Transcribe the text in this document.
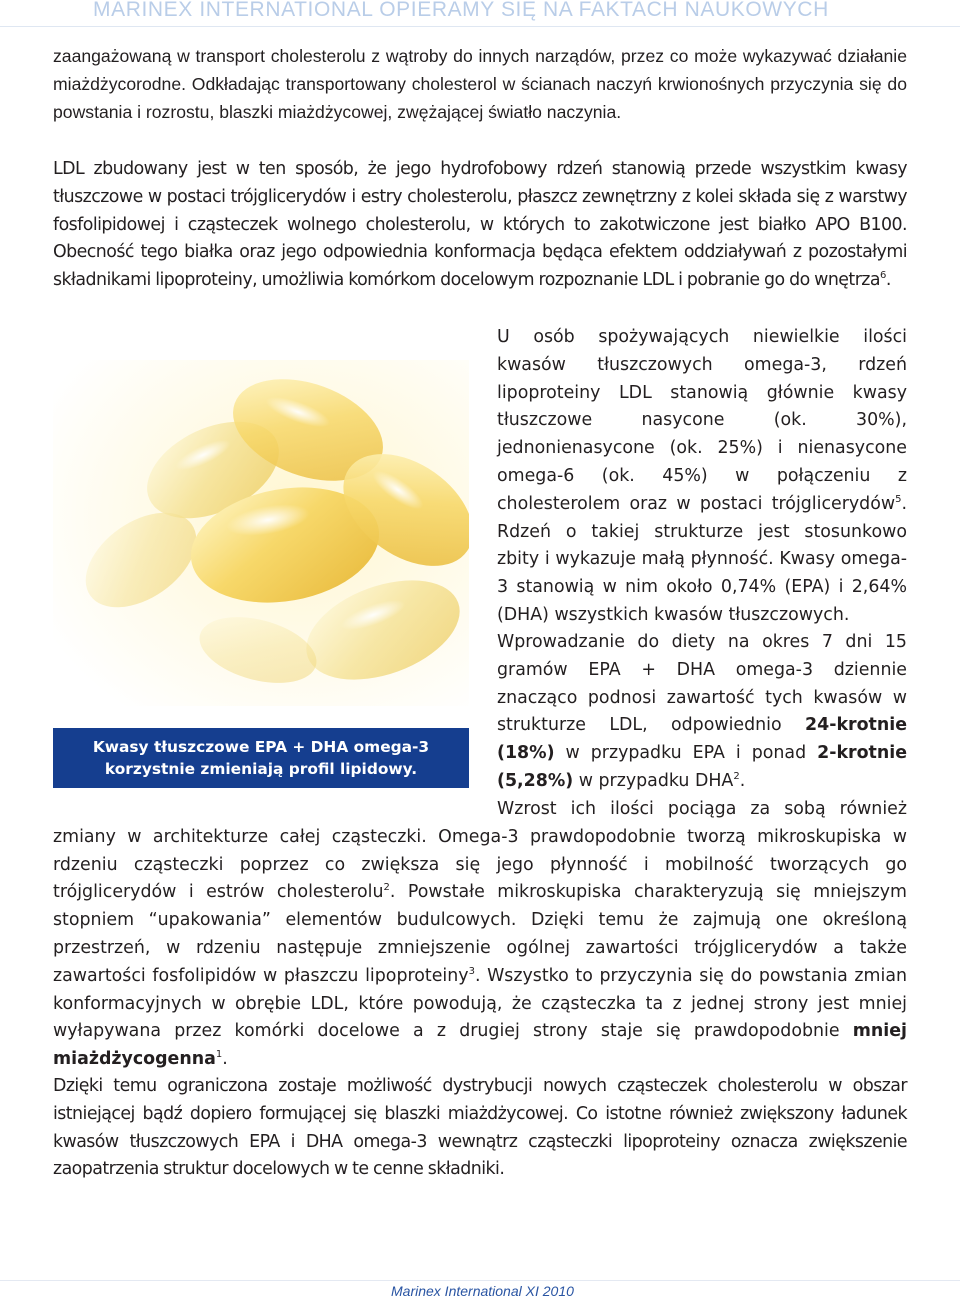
MARINEX INTERNATIONAL OPIERAMY SIĘ NA FAKTACH NAUKOWYCH

zaangażowaną w transport cholesterolu z wątroby do innych narządów, przez co może wykazywać działanie miażdżycorodne. Odkładając transportowany cholesterol w ścianach naczyń krwionośnych przyczynia się do powstania i rozrostu, blaszki miażdżycowej, zwężającej światło naczynia.

LDL zbudowany jest w ten sposób, że jego hydrofobowy rdzeń stanowią przede wszystkim kwasy tłuszczowe w postaci trójglicerydów i estry cholesterolu, płaszcz zewnętrzny z kolei składa się z warstwy fosfolipidowej i cząsteczek wolnego cholesterolu, w których to zakotwiczone jest białko APO B100. Obecność tego białka oraz jego odpowiednia konformacja będąca efektem oddziaływań z pozostałymi składnikami lipoproteiny, umożliwia komórkom docelowym rozpoznanie LDL i pobranie go do wnętrza$^6$.

Kwasy tłuszczowe EPA + DHA omega-3 korzystnie zmieniają profil lipidowy.

U osób spożywających niewielkie ilości kwasów tłuszczowych omega-3, rdzeń lipoproteiny LDL stanowią głównie kwasy tłuszczowe nasycone (ok. 30%), jednonienasycone (ok. 25%) i nienasycone omega-6 (ok. 45%) w połączeniu z cholesterolem oraz w postaci trójglicerydów$^5$. Rdzeń o takiej strukturze jest stosunkowo zbity i wykazuje małą płynność. Kwasy omega-3 stanowią w nim około 0,74% (EPA) i 2,64% (DHA) wszystkich kwasów tłuszczowych.

Wprowadzanie do diety na okres 7 dni 15 gramów EPA + DHA omega-3 dziennie znacząco podnosi zawartość tych kwasów w strukturze LDL, odpowiednio 24-krotnie (18%) w przypadku EPA i ponad 2-krotnie (5,28%) w przypadku DHA$^2$.

Wzrost ich ilości pociąga za sobą również zmiany w architekturze całej cząsteczki. Omega-3 prawdopodobnie tworzą mikroskupiska w rdzeniu cząsteczki poprzez co zwiększa się jego płynność i mobilność tworzących go trójglicerydów i estrów cholesterolu$^2$. Powstałe mikroskupiska charakteryzują się mniejszym stopniem “upakowania” elementów budulcowych. Dzięki temu że zajmują one określoną przestrzeń, w rdzeniu następuje zmniejszenie ogólnej zawartości trójglicerydów a także zawartości fosfolipidów w płaszczu lipoproteiny$^3$. Wszystko to przyczynia się do powstania zmian konformacyjnych w obrębie LDL, które powodują, że cząsteczka ta z jednej strony jest mniej wyłapywana przez komórki docelowe a z drugiej strony staje się prawdopodobnie mniej miażdżycogenna$^1$.

Dzięki temu ograniczona zostaje możliwość dystrybucji nowych cząsteczek cholesterolu w obszar istniejącej bądź dopiero formującej się blaszki miażdżycowej. Co istotne również zwiększony ładunek kwasów tłuszczowych EPA i DHA omega-3 wewnątrz cząsteczki lipoproteiny oznacza zwiększenie zaopatrzenia struktur docelowych w te cenne składniki.

Marinex International XI 2010
